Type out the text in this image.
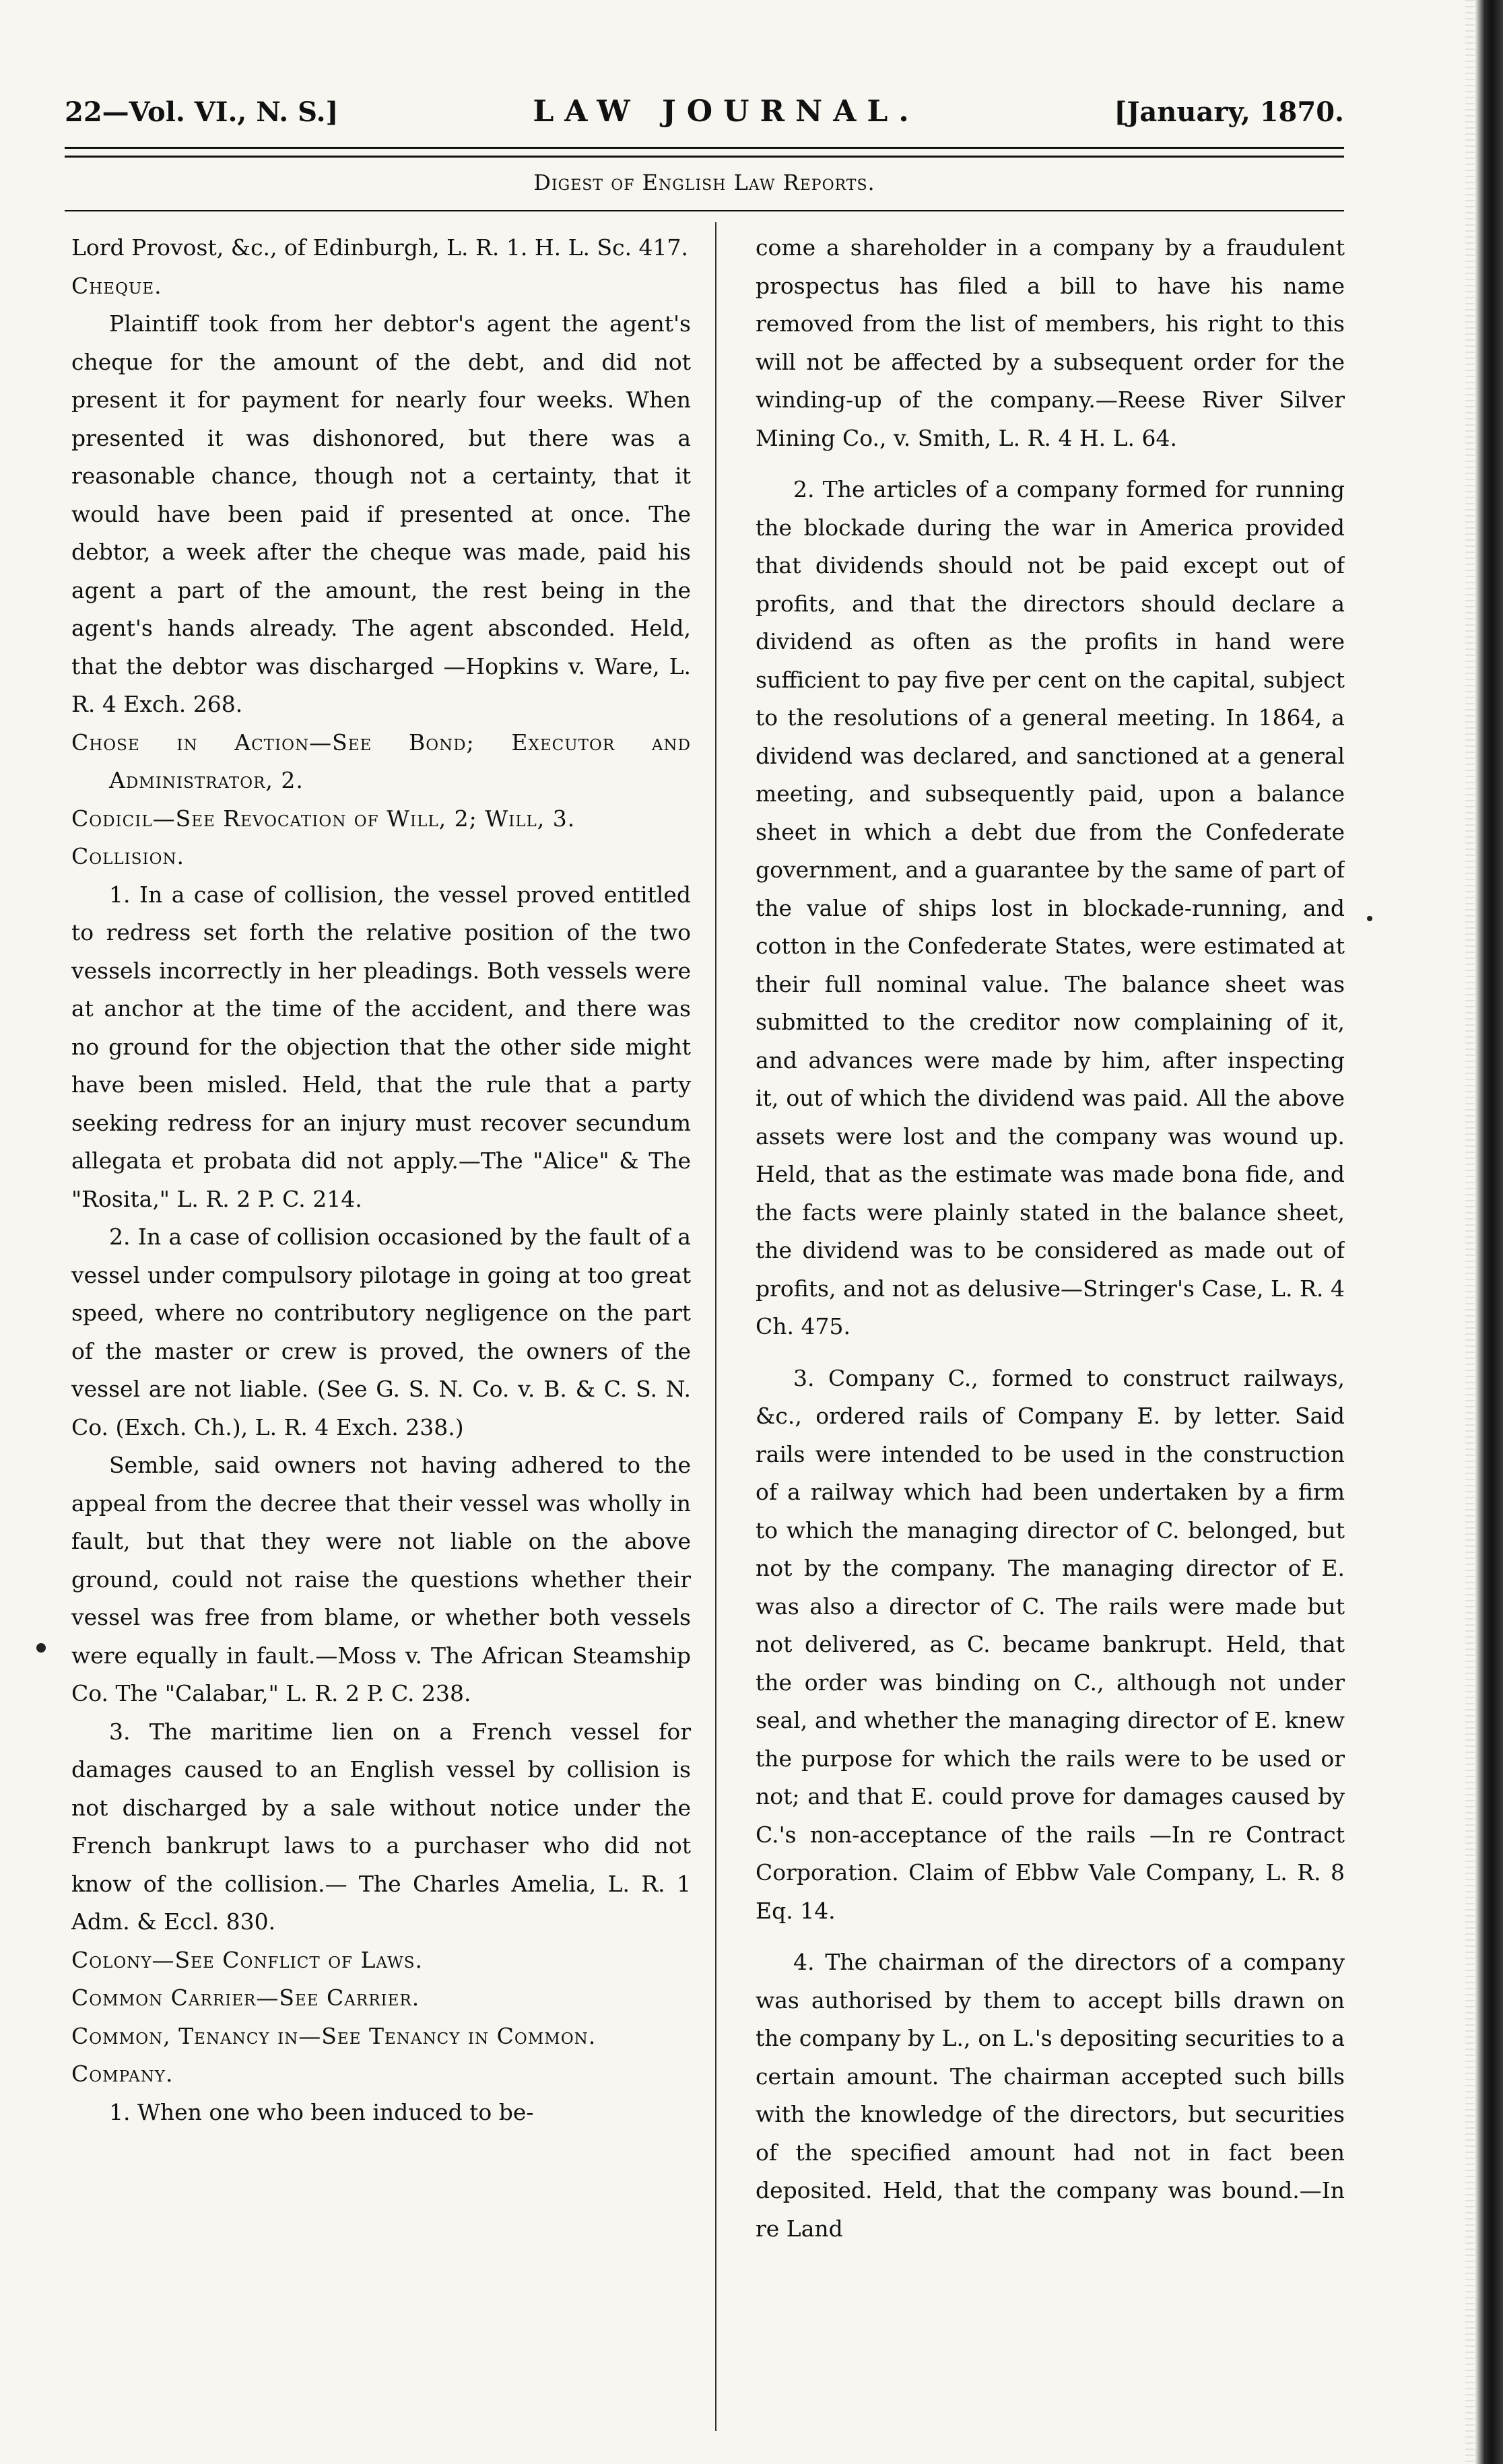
22—Vol. VI., N. S.]	LAW JOURNAL.	[January, 1870.
Digest of English Law Reports.

Lord Provost, &c., of Edinburgh, L. R. 1. H. L. Sc. 417.

Cheque.

Plaintiff took from her debtor's agent the agent's cheque for the amount of the debt, and did not present it for payment for nearly four weeks. When presented it was dishonored, but there was a reasonable chance, though not a certainty, that it would have been paid if presented at once. The debtor, a week after the cheque was made, paid his agent a part of the amount, the rest being in the agent's hands already. The agent absconded. Held, that the debtor was discharged —Hopkins v. Ware, L. R. 4 Exch. 268.

Chose in Action—See Bond; Executor and Administrator, 2.

Codicil—See Revocation of Will, 2; Will, 3.

Collision.

1. In a case of collision, the vessel proved entitled to redress set forth the relative position of the two vessels incorrectly in her pleadings. Both vessels were at anchor at the time of the accident, and there was no ground for the objection that the other side might have been misled. Held, that the rule that a party seeking redress for an injury must recover secundum allegata et probata did not apply.—The "Alice" & The "Rosita," L. R. 2 P. C. 214.

2. In a case of collision occasioned by the fault of a vessel under compulsory pilotage in going at too great speed, where no contributory negligence on the part of the master or crew is proved, the owners of the vessel are not liable. (See G. S. N. Co. v. B. & C. S. N. Co. (Exch. Ch.), L. R. 4 Exch. 238.)

Semble, said owners not having adhered to the appeal from the decree that their vessel was wholly in fault, but that they were not liable on the above ground, could not raise the questions whether their vessel was free from blame, or whether both vessels were equally in fault.—Moss v. The African Steamship Co. The "Calabar," L. R. 2 P. C. 238.

3. The maritime lien on a French vessel for damages caused to an English vessel by collision is not discharged by a sale without notice under the French bankrupt laws to a purchaser who did not know of the collision.— The Charles Amelia, L. R. 1 Adm. & Eccl. 830.

Colony—See Conflict of Laws.

Common Carrier—See Carrier.

Common, Tenancy in—See Tenancy in Common.

Company.

1. When one who been induced to be-

come a shareholder in a company by a fraudulent prospectus has filed a bill to have his name removed from the list of members, his right to this will not be affected by a subsequent order for the winding-up of the company.—Reese River Silver Mining Co., v. Smith, L. R. 4 H. L. 64.

2. The articles of a company formed for running the blockade during the war in America provided that dividends should not be paid except out of profits, and that the directors should declare a dividend as often as the profits in hand were sufficient to pay five per cent on the capital, subject to the resolutions of a general meeting. In 1864, a dividend was declared, and sanctioned at a general meeting, and subsequently paid, upon a balance sheet in which a debt due from the Confederate government, and a guarantee by the same of part of the value of ships lost in blockade-running, and cotton in the Confederate States, were estimated at their full nominal value. The balance sheet was submitted to the creditor now complaining of it, and advances were made by him, after inspecting it, out of which the dividend was paid. All the above assets were lost and the company was wound up. Held, that as the estimate was made bona fide, and the facts were plainly stated in the balance sheet, the dividend was to be considered as made out of profits, and not as delusive—Stringer's Case, L. R. 4 Ch. 475.

3. Company C., formed to construct railways, &c., ordered rails of Company E. by letter. Said rails were intended to be used in the construction of a railway which had been undertaken by a firm to which the managing director of C. belonged, but not by the company. The managing director of E. was also a director of C. The rails were made but not delivered, as C. became bankrupt. Held, that the order was binding on C., although not under seal, and whether the managing director of E. knew the purpose for which the rails were to be used or not; and that E. could prove for damages caused by C.'s non-acceptance of the rails —In re Contract Corporation. Claim of Ebbw Vale Company, L. R. 8 Eq. 14.

4. The chairman of the directors of a company was authorised by them to accept bills drawn on the company by L., on L.'s depositing securities to a certain amount. The chairman accepted such bills with the knowledge of the directors, but securities of the specified amount had not in fact been deposited. Held, that the company was bound.—In re Land
